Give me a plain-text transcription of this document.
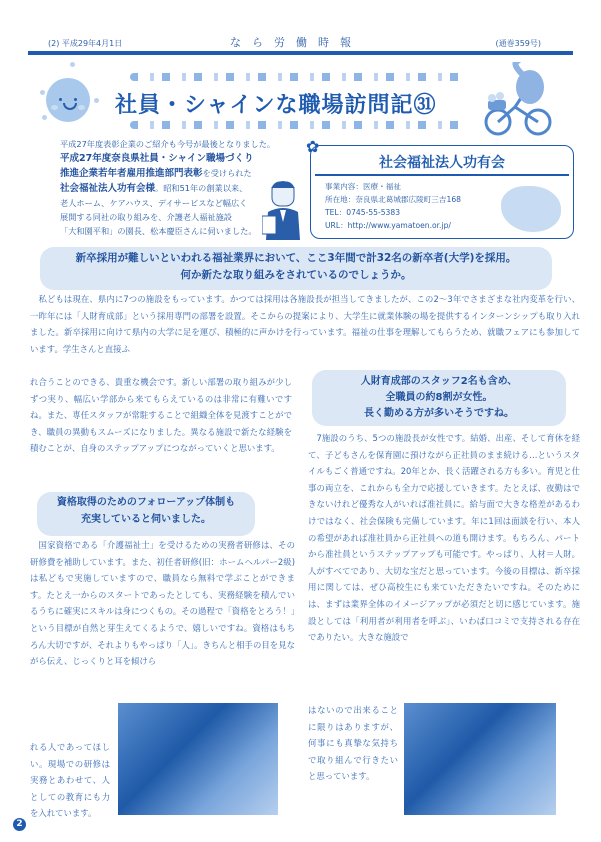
(2) 平成29年4月1日	なら労働時報	(通巻359号)
社員・シャインな職場訪問記㉛
平成27年度表彰企業のご紹介も今号が最後となりました。
平成27年度奈良県社員・シャイン職場づくり
推進企業若年者雇用推進部門表彰を受けられた
社会福祉法人功有会様。昭和51年の創業以来、
老人ホーム、ケアハウス、デイサービスなど幅広く
展開する同社の取り組みを、介護老人福祉施設
「大和園平和」の園長、松本慶臣さんに伺いました。
社会福祉法人功有会
事業内容：医療・福祉
所在地：奈良県北葛城郡広陵町三吉168
TEL：0745-55-5383
URL：http://www.yamatoen.or.jp/
✿
新卒採用が難しいといわれる福祉業界において、ここ3年間で計32名の新卒者(大学)を採用。
何か新たな取り組みをされているのでしょうか。
　私どもは現在、県内に7つの施設をもっています。かつては採用は各施設長が担当してきましたが、この2～3年でさまざまな社内変革を行い、一昨年には「人財育成部」という採用専門の部署を設置。そこからの提案により、大学生に就業体験の場を提供するインターンシップも取り入れました。新卒採用に向けて県内の大学に足を運び、積極的に声かけを行っています。福祉の仕事を理解してもらうため、就職フェアにも参加しています。学生さんと直接ふ
れ合うことのできる、貴重な機会です。新しい部署の取り組みが少しずつ実り、幅広い学部から来てもらえているのは非常に有難いですね。また、専任スタッフが常駐することで組織全体を見渡すことができ、職員の異動もスムーズになりました。異なる施設で新たな経験を積むことが、自身のステップアップにつながっていくと思います。
人財育成部のスタッフ2名も含め、
全職員の約8割が女性。
長く勤める方が多いそうですね。
　7施設のうち、5つの施設長が女性です。結婚、出産、そして育休を経て、子どもさんを保育園に預けながら正社員のまま続ける…というスタイルもごく普通ですね。20年とか、長く活躍される方も多い。育児と仕事の両立を、これからも全力で応援していきます。たとえば、夜勤はできないけれど優秀な人がいれば准社員に。給与面で大きな格差があるわけではなく、社会保険も完備しています。年に1回は面談を行い、本人の希望があれば准社員から正社員への道も開けます。もちろん、パートから准社員というステップアップも可能です。やっぱり、人材＝人財。人がすべてであり、大切な宝だと思っています。今後の目標は、新卒採用に関しては、ぜひ高校生にも来ていただきたいですね。そのためには、まずは業界全体のイメージアップが必須だと切に感じています。施設としては「利用者が利用者を呼ぶ」、いわば口コミで支持される存在でありたい。大きな施設で
はないので出来ることに限りはありますが、何事にも真摯な気持ちで取り組んで行きたいと思っています。
資格取得のためのフォローアップ体制も
充実していると伺いました。
　国家資格である「介護福祉士」を受けるための実務者研修は、その研修費を補助しています。また、初任者研修(旧：ホームヘルパー2級)は私どもで実施していますので、職員なら無料で学ぶことができます。たとえ一からのスタートであったとしても、実務経験を積んでいるうちに確実にスキルは身につくもの。その過程で「資格をとろう！」という目標が自然と芽生えてくるようで、嬉しいですね。資格はもちろん大切ですが、それよりもやっぱり「人」。きちんと相手の目を見ながら伝え、じっくりと耳を傾けら
れる人であってほしい。現場での研修は実務とあわせて、人としての教育にも力を入れています。
2
